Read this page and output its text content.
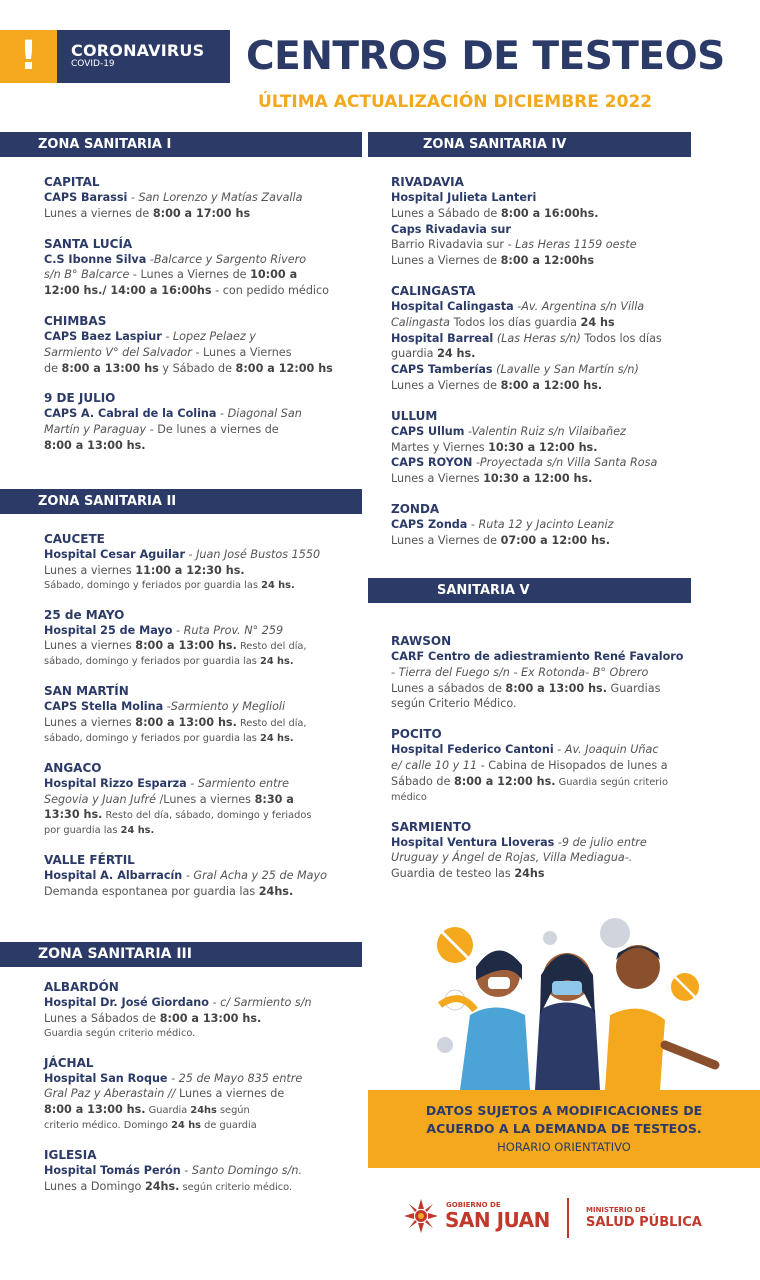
!	CORONAVIRUS
COVID-19	CENTROS DE TESTEOS
ÚLTIMA ACTUALIZACIÓN DICIEMBRE 2022
ZONA SANITARIA I	ZONA SANITARIA IV
ZONA SANITARIA II
SANITARIA V
ZONA SANITARIA III
CAPITAL
CAPS Barassi - San Lorenzo y Matías Zavalla
Lunes a viernes de 8:00 a 17:00 hs
SANTA LUCÍA
C.S Ibonne Silva -Balcarce y Sargento Rivero
s/n B° Balcarce - Lunes a Viernes de 10:00 a
12:00 hs./ 14:00 a 16:00hs - con pedido médico
CHIMBAS
CAPS Baez Laspiur - Lopez Pelaez y
Sarmiento V° del Salvador - Lunes a Viernes
de 8:00 a 13:00 hs y Sábado de 8:00 a 12:00 hs
9 DE JULIO
CAPS A. Cabral de la Colina - Diagonal San
Martín y Paraguay - De lunes a viernes de
8:00 a 13:00 hs.
CAUCETE
Hospital Cesar Aguilar - Juan José Bustos 1550
Lunes a viernes 11:00 a 12:30 hs.
Sábado, domingo y feriados por guardia las 24 hs.
25 de MAYO
Hospital 25 de Mayo - Ruta Prov. N° 259
Lunes a viernes 8:00 a 13:00 hs. Resto del día,
sábado, domingo y feriados por guardia las 24 hs.
SAN MARTÍN
CAPS Stella Molina -Sarmiento y Meglioli
Lunes a viernes 8:00 a 13:00 hs. Resto del día,
sábado, domingo y feriados por guardia las 24 hs.
ANGACO
Hospital Rizzo Esparza - Sarmiento entre
Segovia y Juan Jufré /Lunes a viernes 8:30 a
13:30 hs. Resto del día, sábado, domingo y feriados
por guardia las 24 hs.
VALLE FÉRTIL
Hospital A. Albarracín - Gral Acha y 25 de Mayo
Demanda espontanea por guardia las 24hs.
ALBARDÓN
Hospital Dr. José Giordano - c/ Sarmiento s/n
Lunes a Sábados de 8:00 a 13:00 hs.
Guardia según criterio médico.
JÁCHAL
Hospital San Roque - 25 de Mayo 835 entre
Gral Paz y Aberastain // Lunes a viernes de
8:00 a 13:00 hs. Guardia 24hs según
criterio médico. Domingo 24 hs de guardia
IGLESIA
Hospital Tomás Perón - Santo Domingo s/n.
Lunes a Domingo 24hs. según criterio médico.
RIVADAVIA
Hospital Julieta Lanteri
Lunes a Sábado de 8:00 a 16:00hs.
Caps Rivadavia sur
Barrio Rivadavia sur - Las Heras 1159 oeste
Lunes a Viernes de 8:00 a 12:00hs
CALINGASTA
Hospital Calingasta -Av. Argentina s/n Villa
Calingasta Todos los días guardia 24 hs
Hospital Barreal (Las Heras s/n) Todos los días
guardia 24 hs.
CAPS Tamberías (Lavalle y San Martín s/n)
Lunes a Viernes de 8:00 a 12:00 hs.
ULLUM
CAPS Ullum -Valentin Ruiz s/n Vilaibañez
Martes y Viernes 10:30 a 12:00 hs.
CAPS ROYON -Proyectada s/n Villa Santa Rosa
Lunes a Viernes 10:30 a 12:00 hs.
ZONDA
CAPS Zonda - Ruta 12 y Jacinto Leaniz
Lunes a Viernes de 07:00 a 12:00 hs.
RAWSON
CARF Centro de adiestramiento René Favaloro
- Tierra del Fuego s/n - Ex Rotonda- B° Obrero
Lunes a sábados de 8:00 a 13:00 hs. Guardias
según Criterio Médico.
POCITO
Hospital Federico Cantoni - Av. Joaquin Uñac
e/ calle 10 y 11 - Cabina de Hisopados de lunes a
Sábado de 8:00 a 12:00 hs. Guardia según criterio
médico
SARMIENTO
Hospital Ventura Lloveras -9 de julio entre
Uruguay y Ángel de Rojas, Villa Mediagua-.
Guardia de testeo las 24hs
DATOS SUJETOS A MODIFICACIONES DE
ACUERDO A LA DEMANDA DE TESTEOS.
HORARIO ORIENTATIVO
GOBIERNO DE
SAN JUAN	MINISTERIO DE
SALUD PÚBLICA
